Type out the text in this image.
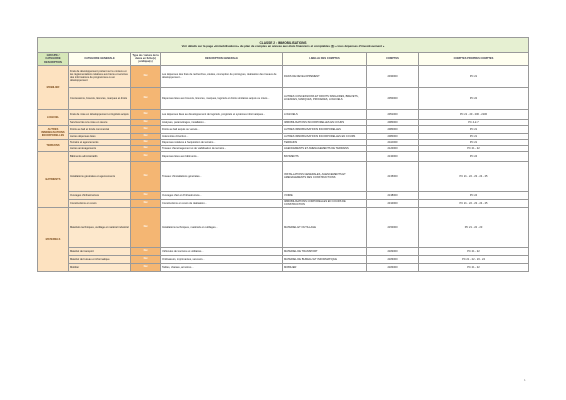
CLASSE 2 : IMMOBILISATIONS
Voir détails sur la page «Immobilisations» du plan de comptes en annexe aux états financiers et comptables (§) « tous dépenses d'investissement »						

GROUPE / CATEGORIE
DESCRIPTION	CATEGORIE GENERALE	Type de / nature de la durée en fiche(s) juridique(s)	DESCRIPTION GENERALE	LIBELLE DES COMPTES	COMPTES	COMPTES PROPRES COMPTES
MOBILIER	Frais de développement portant sur le contenu et les réglementations relatives aux biens et services des informations de programmes ou en développement	Oui	Les dépenses des frais de recherches, études, conception de prototypes, réalisation des travaux de développement...	FRAIS DE DEVELOPPEMENT	2030000	PC 21
	Concessions, brevets, licences, marques et droits	Oui	Dépenses liées aux brevets, licences, marques, logiciels et droits similaires acquis ou créés...	AUTRES CONCESSIONS ET DROITS SIMILAIRES, BREVETS, LICENCES, MARQUES, PROCEDES, LOGICIELS	2050000	PC 22
LOGICIEL	Frais de mise en développement et logiciels acquis	Oui	Les dépenses liées au développement de logiciels, progiciels et systèmes informatiques...	LOGICIELS	2051000	PC 21 - 20 - 200 - 2100
	Services liés à la mise en œuvre	Oui	Analyses, paramétrages, installation...	IMMOBILISATIONS INCORPORELLES EN COURS	2080000	PC 4-2-7
AUTRES IMMOBILISATIONS INCORPORELLES	Droits au bail et fonds commercial	Oui	Droits au bail acquis ou versés...	AUTRES IMMOBILISATIONS INCORPORELLES	2080000	PC 21
	Autres dépenses liées	Oui	Indemnités d'éviction...	AUTRES IMMOBILISATIONS INCORPORELLES EN COURS	2080000	PC 21
TERRAINS	Terrains et agencements	Oui	Dépenses relatives à l'acquisition de terrains...	TERRAINS	2110000	PC 21
	Autres aménagements	Oui	Travaux d'aménagement et de viabilisation de terrains...	AGENCEMENTS ET AMENAGEMENTS DE TERRAINS	2120000	PC 21 - 22
BATIMENTS	Bâtiments administratifs	Oui	Dépenses liées aux bâtiments...	BATIMENTS	2130000	PC 24
	Installations générales et agencements	Oui	Travaux d'installations générales...	INSTALLATIONS GENERALES, AGENCEMENTS ET AMENAGEMENTS DES CONSTRUCTIONS	2135000	PC 21 - 22 - 23 - 24 - 25
	Ouvrages d'infrastructure	Oui	Ouvrages d'art et d'infrastructure...	VOIRIE	2138000	PC 24
	Constructions en cours	Oui	Constructions en cours de réalisation...	IMMOBILISATIONS CORPORELLES EN COURS DE CONSTRUCTION	2310000	PC 21 - 22 - 23 - 24 - 25
MATERIELS	Matériels techniques, outillage et matériel industriel	Oui	Installations techniques, matériels et outillages...	MATERIEL ET OUTILLAGE	2150000	PC 21 - 22 - 23
	Matériel de transport	Oui	Véhicules de tourisme et utilitaires...	MATERIEL DE TRANSPORT	2182000	PC 21 - 22
	Matériel de bureau et informatique	Oui	Ordinateurs, imprimantes, serveurs...	MATERIEL DE BUREAU ET INFORMATIQUE	2183000	PC 21 - 22 - 23 - 24
	Mobilier	Oui	Tables, chaises, armoires...	MOBILIER	2184000	PC 21 - 22
1
